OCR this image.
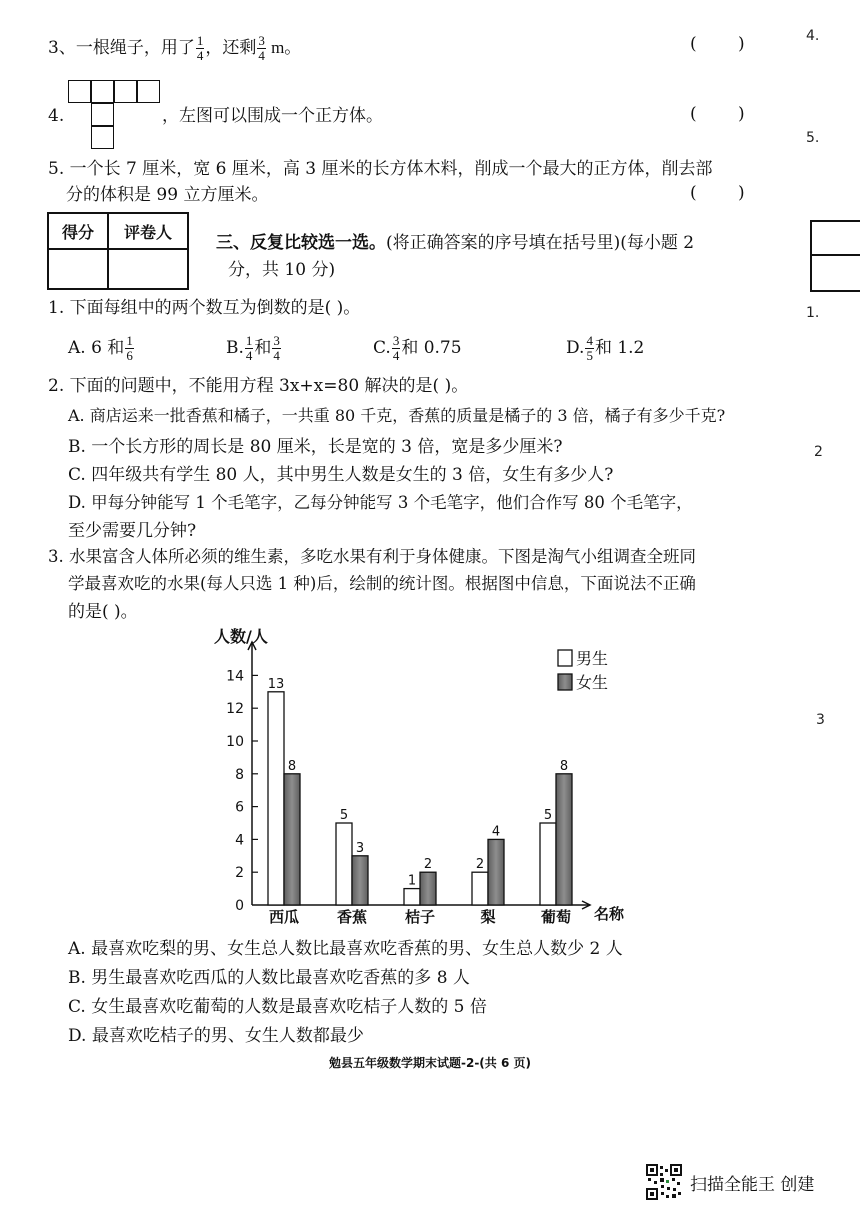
3、一根绳子，用了 $\frac{1}{4}$ ，还剩 $\frac{3}{4}$ m。	( )
4.	，左图可以围成一个正方体。	( )
5. 一个长 7 厘米，宽 6 厘米，高 3 厘米的长方体木料，削成一个最大的正方体，削去部
分的体积是 99 立方厘米。	( )
得分	评卷人

三、反复比较选一选。(将正确答案的序号填在括号里)(每小题 2
分，共 10 分)
1. 下面每组中的两个数互为倒数的是( )。
A. 6 和 $\frac{1}{6}$	B. $\frac{1}{4}$ 和 $\frac{3}{4}$	C. $\frac{3}{4}$ 和 0.75	D. $\frac{4}{5}$ 和 1.2
2. 下面的问题中，不能用方程 3x+x=80 解决的是( )。
A. 商店运来一批香蕉和橘子，一共重 80 千克，香蕉的质量是橘子的 3 倍，橘子有多少千克?
B. 一个长方形的周长是 80 厘米，长是宽的 3 倍，宽是多少厘米?
C. 四年级共有学生 80 人，其中男生人数是女生的 3 倍，女生有多少人?
D. 甲每分钟能写 1 个毛笔字，乙每分钟能写 3 个毛笔字，他们合作写 80 个毛笔字，
至少需要几分钟?
3. 水果富含人体所必须的维生素，多吃水果有利于身体健康。下图是淘气小组调查全班同
学最喜欢吃的水果(每人只选 1 种)后，绘制的统计图。根据图中信息，下面说法不正确
的是( )。
人数/人
名称
0
2
4
6
8
10
12
14 13
8
西瓜
5
3
香蕉
1
2
桔子
2
4
梨
5
8
葡萄
男生
女生
A. 最喜欢吃梨的男、女生总人数比最喜欢吃香蕉的男、女生总人数少 2 人
B. 男生最喜欢吃西瓜的人数比最喜欢吃香蕉的多 8 人
C. 女生最喜欢吃葡萄的人数是最喜欢吃桔子人数的 5 倍
D. 最喜欢吃桔子的男、女生人数都最少
勉县五年级数学期末试题-2-(共 6 页)
4.
5.
1.
2
3
扫描全能王 创建
